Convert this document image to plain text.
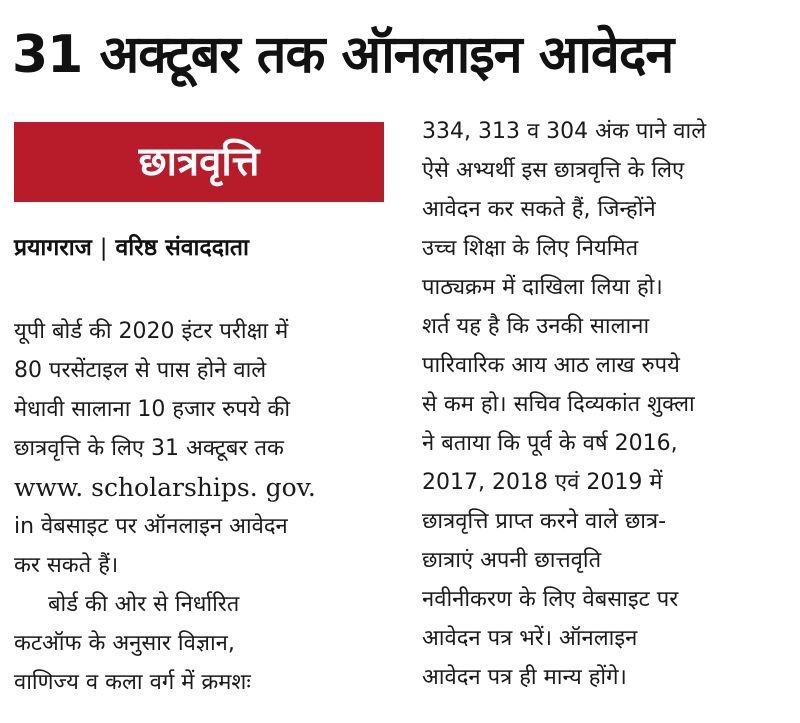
31 अक्टूबर तक ऑनलाइन आवेदन
छात्रवृत्ति
प्रयागराज | वरिष्ठ संवाददाता
यूपी बोर्ड की 2020 इंटर परीक्षा में
80 परसेंटाइल से पास होने वाले
मेधावी सालाना 10 हजार रुपये की
छात्रवृत्ति के लिए 31 अक्टूबर तक
www. scholarships. gov.
in वेबसाइट पर ऑनलाइन आवेदन
कर सकते हैं।
बोर्ड की ओर से निर्धारित
कटऑफ के अनुसार विज्ञान,
वाणिज्य व कला वर्ग में क्रमशः
334, 313 व 304 अंक पाने वाले
ऐसे अभ्यर्थी इस छात्रवृत्ति के लिए
आवेदन कर सकते हैं, जिन्होंने
उच्च शिक्षा के लिए नियमित
पाठ्यक्रम में दाखिला लिया हो।
शर्त यह है कि उनकी सालाना
पारिवारिक आय आठ लाख रुपये
से कम हो। सचिव दिव्यकांत शुक्ला
ने बताया कि पूर्व के वर्ष 2016,
2017, 2018 एवं 2019 में
छात्रवृत्ति प्राप्त करने वाले छात्र-
छात्राएं अपनी छात्तवृति
नवीनीकरण के लिए वेबसाइट पर
आवेदन पत्र भरें। ऑनलाइन
आवेदन पत्र ही मान्य होंगे।
